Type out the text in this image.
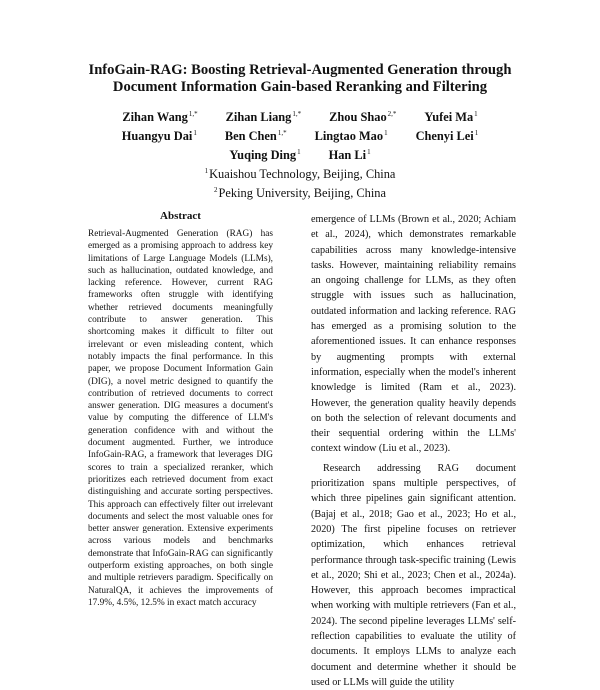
InfoGain-RAG: Boosting Retrieval-Augmented Generation through

Document Information Gain-based Reranking and Filtering

Zihan Wang$^{1,*}$ Zihan Liang$^{1,*}$ Zhou Shao$^{2,*}$ Yufei Ma$^1$
Huangyu Dai$^1$ Ben Chen$^{1,*}$ Lingtao Mao$^1$ Chenyi Lei$^1$
Yuqing Ding$^1$ Han Li$^1$

$^1$Kuaishou Technology, Beijing, China

$^2$Peking University, Beijing, China

Abstract

Retrieval-Augmented Generation (RAG) has emerged as a promising approach to address key limitations of Large Language Models (LLMs), such as hallucination, outdated knowledge, and lacking reference. However, current RAG frameworks often struggle with identifying whether retrieved documents meaningfully contribute to answer generation. This shortcoming makes it difficult to filter out irrelevant or even misleading content, which notably impacts the final performance. In this paper, we propose Document Information Gain (DIG), a novel metric designed to quantify the contribution of retrieved documents to correct answer generation. DIG measures a document's value by computing the difference of LLM's generation confidence with and without the document augmented. Further, we introduce InfoGain-RAG, a framework that leverages DIG scores to train a specialized reranker, which prioritizes each retrieved document from exact distinguishing and accurate sorting perspectives. This approach can effectively filter out irrelevant documents and select the most valuable ones for better answer generation. Extensive experiments across various models and benchmarks demonstrate that InfoGain-RAG can significantly outperform existing approaches, on both single and multiple retrievers paradigm. Specifically on NaturalQA, it achieves the improvements of 17.9%, 4.5%, 12.5% in exact match accuracy

emergence of LLMs (Brown et al., 2020; Achiam et al., 2024), which demonstrates remarkable capabilities across many knowledge-intensive tasks. However, maintaining reliability remains an ongoing challenge for LLMs, as they often struggle with issues such as hallucination, outdated information and lacking reference. RAG has emerged as a promising solution to the aforementioned issues. It can enhance responses by augmenting prompts with external information, especially when the model's inherent knowledge is limited (Ram et al., 2023). However, the generation quality heavily depends on both the selection of relevant documents and their sequential ordering within the LLMs' context window (Liu et al., 2023).

Research addressing RAG document prioritization spans multiple perspectives, of which three pipelines gain significant attention. (Bajaj et al., 2018; Gao et al., 2023; Ho et al., 2020) The first pipeline focuses on retriever optimization, which enhances retrieval performance through task-specific training (Lewis et al., 2020; Shi et al., 2023; Chen et al., 2024a). However, this approach becomes impractical when working with multiple retrievers (Fan et al., 2024). The second pipeline leverages LLMs' self-reflection capabilities to evaluate the utility of documents. It employs LLMs to analyze each document and determine whether it should be used or LLMs will guide the utility
